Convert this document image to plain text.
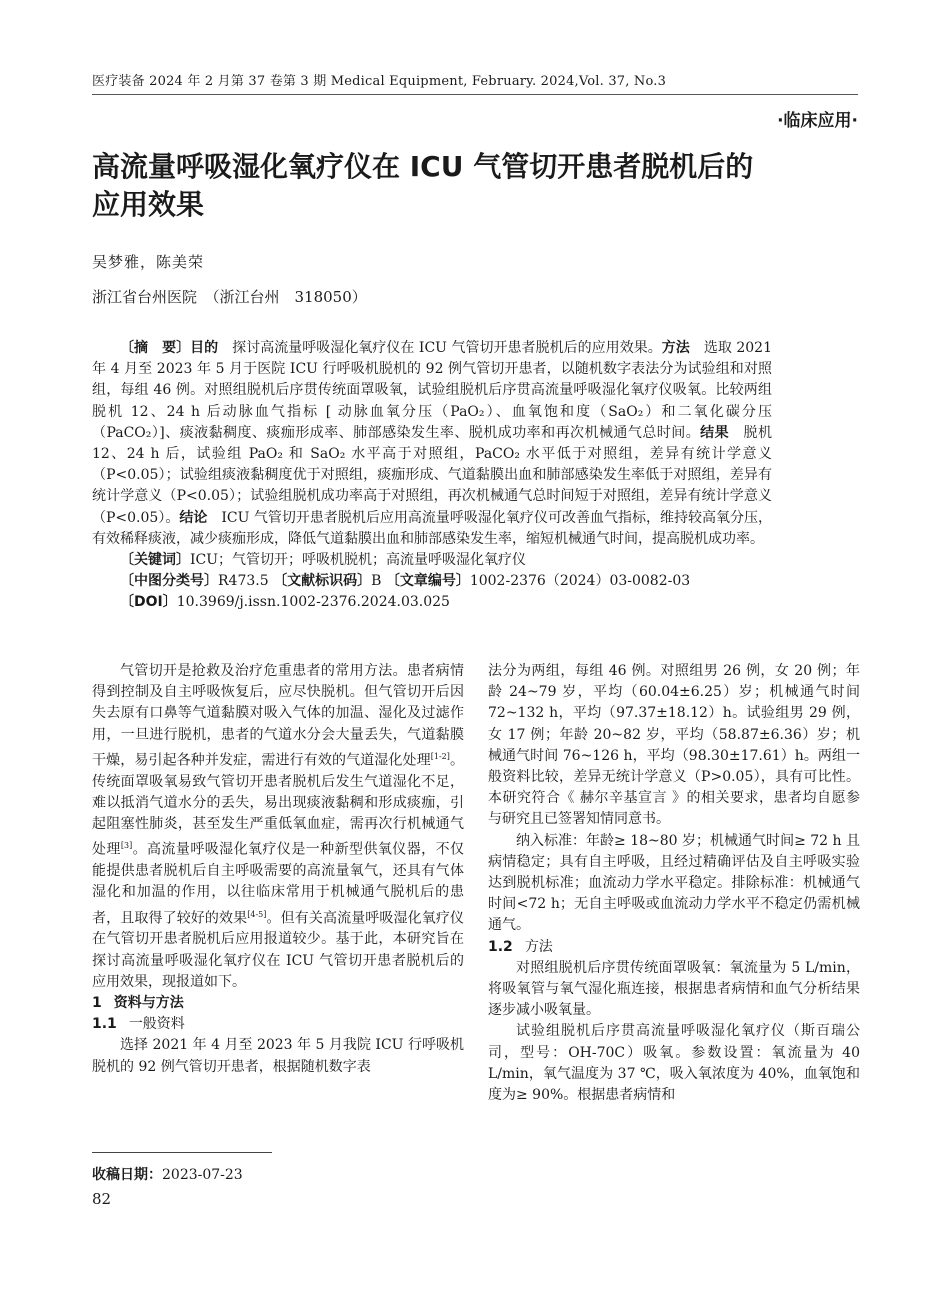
医疗装备 2024 年 2 月第 37 卷第 3 期 Medical Equipment, February. 2024,Vol. 37, No.3
·临床应用·
高流量呼吸湿化氧疗仪在 ICU 气管切开患者脱机后的
应用效果
吴梦雅，陈美荣
浙江省台州医院　（浙江台州　318050）

〔摘　要〕目的　探讨高流量呼吸湿化氧疗仪在 ICU 气管切开患者脱机后的应用效果。方法　选取 2021 年 4 月至 2023 年 5 月于医院 ICU 行呼吸机脱机的 92 例气管切开患者，以随机数字表法分为试验组和对照组，每组 46 例。对照组脱机后序贯传统面罩吸氧，试验组脱机后序贯高流量呼吸湿化氧疗仪吸氧。比较两组脱机 12、24 h 后动脉血气指标 [ 动脉血氧分压（PaO₂）、血氧饱和度（SaO₂）和二氧化碳分压（PaCO₂）]、痰液黏稠度、痰痂形成率、肺部感染发生率、脱机成功率和再次机械通气总时间。结果　脱机 12、24 h 后，试验组 PaO₂ 和 SaO₂ 水平高于对照组，PaCO₂ 水平低于对照组，差异有统计学意义（P<0.05）；试验组痰液黏稠度优于对照组，痰痂形成、气道黏膜出血和肺部感染发生率低于对照组，差异有统计学意义（P<0.05）；试验组脱机成功率高于对照组，再次机械通气总时间短于对照组，差异有统计学意义（P<0.05）。结论　ICU 气管切开患者脱机后应用高流量呼吸湿化氧疗仪可改善血气指标，维持较高氧分压，有效稀释痰液，减少痰痂形成，降低气道黏膜出血和肺部感染发生率，缩短机械通气时间，提高脱机成功率。

〔关键词〕ICU；气管切开；呼吸机脱机；高流量呼吸湿化氧疗仪

〔中图分类号〕R473.5 〔文献标识码〕B 〔文章编号〕1002-2376（2024）03-0082-03

〔DOI〕10.3969/j.issn.1002-2376.2024.03.025

气管切开是抢救及治疗危重患者的常用方法。患者病情得到控制及自主呼吸恢复后，应尽快脱机。但气管切开后因失去原有口鼻等气道黏膜对吸入气体的加温、湿化及过滤作用，一旦进行脱机，患者的气道水分会大量丢失，气道黏膜干燥，易引起各种并发症，需进行有效的气道湿化处理[1-2]。传统面罩吸氧易致气管切开患者脱机后发生气道湿化不足，难以抵消气道水分的丢失，易出现痰液黏稠和形成痰痂，引起阻塞性肺炎，甚至发生严重低氧血症，需再次行机械通气处理[3]。高流量呼吸湿化氧疗仪是一种新型供氧仪器，不仅能提供患者脱机后自主呼吸需要的高流量氧气，还具有气体湿化和加温的作用，以往临床常用于机械通气脱机后的患者，且取得了较好的效果[4-5]。但有关高流量呼吸湿化氧疗仪在气管切开患者脱机后应用报道较少。基于此，本研究旨在探讨高流量呼吸湿化氧疗仪在 ICU 气管切开患者脱机后的应用效果，现报道如下。

1 资料与方法

1.1 一般资料

选择 2021 年 4 月至 2023 年 5 月我院 ICU 行呼吸机脱机的 92 例气管切开患者，根据随机数字表

法分为两组，每组 46 例。对照组男 26 例，女 20 例；年龄 24~79 岁，平均（60.04±6.25）岁；机械通气时间 72~132 h，平均（97.37±18.12）h。试验组男 29 例，女 17 例；年龄 20~82 岁，平均（58.87±6.36）岁；机械通气时间 76~126 h，平均（98.30±17.61）h。两组一般资料比较，差异无统计学意义（P>0.05），具有可比性。本研究符合《 赫尔辛基宣言 》的相关要求，患者均自愿参与研究且已签署知情同意书。

纳入标准：年龄≥ 18~80 岁；机械通气时间≥ 72 h 且病情稳定；具有自主呼吸，且经过精确评估及自主呼吸实验达到脱机标准；血流动力学水平稳定。排除标准：机械通气时间<72 h；无自主呼吸或血流动力学水平不稳定仍需机械通气。

1.2 方法

对照组脱机后序贯传统面罩吸氧：氧流量为 5 L/min，将吸氧管与氧气湿化瓶连接，根据患者病情和血气分析结果逐步减小吸氧量。

试验组脱机后序贯高流量呼吸湿化氧疗仪（斯百瑞公司，型号：OH-70C）吸氧。参数设置：氧流量为 40 L/min，氧气温度为 37 ℃，吸入氧浓度为 40%，血氧饱和度为≥ 90%。根据患者病情和

收稿日期：2023-07-23
82
